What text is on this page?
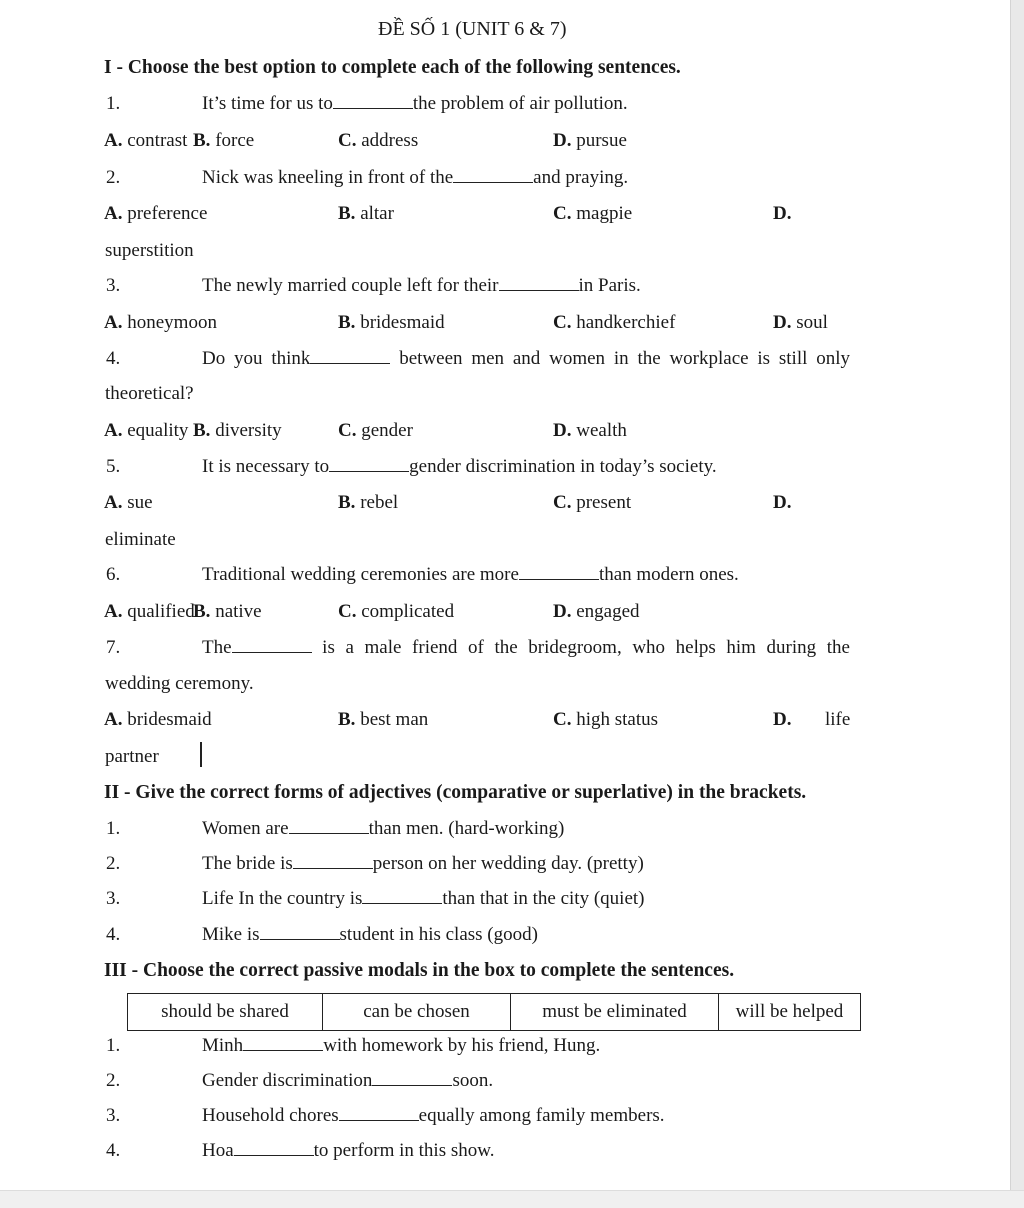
ĐỀ SỐ 1 (UNIT 6 & 7)
I - Choose the best option to complete each of the following sentences.
1.	It’s time for us to	the problem of air pollution.
A. contrast B. force	C. address	D. pursue
2.	Nick was kneeling in front of the	and praying.
A. preference	B. altar	C. magpie	D.
superstition
3.	The newly married couple left for their	in Paris.
A. honeymoon	B. bridesmaid	C. handkerchief	D. soul
4.	Do you think	between men and women in the workplace is still only
theoretical?
A. equality B. diversity	C. gender	D. wealth
5.	It is necessary to	gender discrimination in today’s society.
A. sue	B. rebel	C. present	D.
eliminate
6.	Traditional wedding ceremonies are more	than modern ones.
A. qualified
B. native	C. complicated	D. engaged
7.	The	is a male friend of the bridegroom, who helps him during the
wedding ceremony.
A. bridesmaid	B. best man	C. high status	D. life
partner
II - Give the correct forms of adjectives (comparative or superlative) in the brackets.
1.	Women are	than men. (hard-working)
2.	The bride is	person on her wedding day. (pretty)
3.	Life In the country is	than that in the city (quiet)
4.	Mike is	student in his class (good)
III - Choose the correct passive modals in the box to complete the sentences.
should be shared	can be chosen	must be eliminated	will be helped
1.	Minh	with homework by his friend, Hung.
2.	Gender discrimination	soon.
3.	Household chores	equally among family members.
4.	Hoa	to perform in this show.
